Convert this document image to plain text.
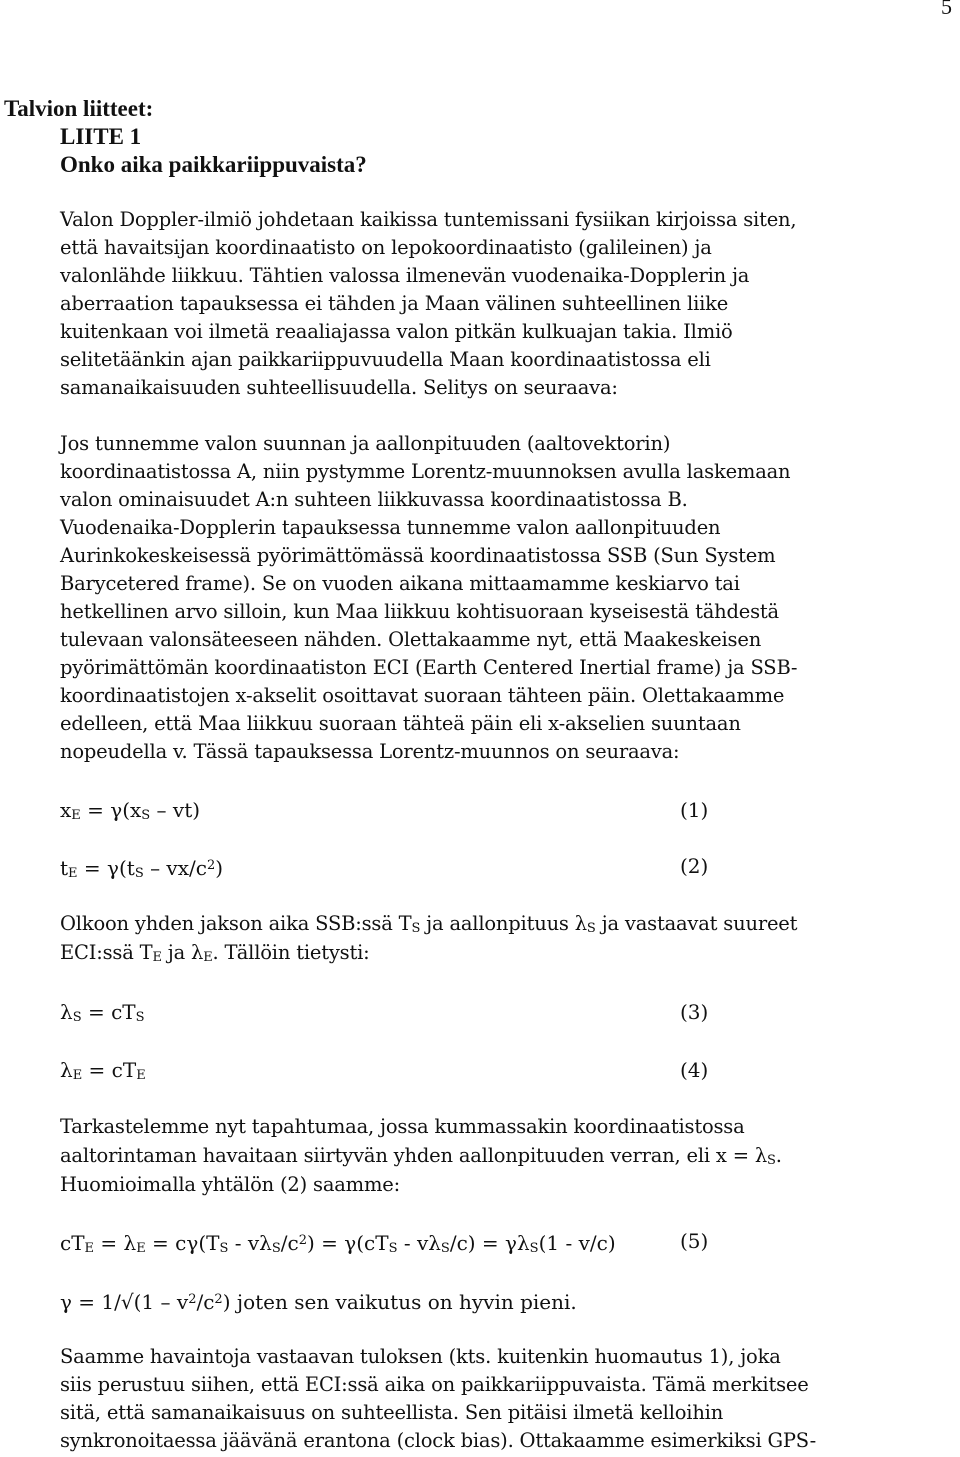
5
Talvion liitteet:
LIITE 1
Onko aika paikkariippuvaista?
Valon Doppler-ilmiö johdetaan kaikissa tuntemissani fysiikan kirjoissa siten,
että havaitsijan koordinaatisto on lepokoordinaatisto (galileinen) ja
valonlähde liikkuu. Tähtien valossa ilmenevän vuodenaika-Dopplerin ja
aberraation tapauksessa ei tähden ja Maan välinen suhteellinen liike
kuitenkaan voi ilmetä reaaliajassa valon pitkän kulkuajan takia. Ilmiö
selitetäänkin ajan paikkariippuvuudella Maan koordinaatistossa eli
samanaikaisuuden suhteellisuudella. Selitys on seuraava:
Jos tunnemme valon suunnan ja aallonpituuden (aaltovektorin)
koordinaatistossa A, niin pystymme Lorentz-muunnoksen avulla laskemaan
valon ominaisuudet A:n suhteen liikkuvassa koordinaatistossa B.
Vuodenaika-Dopplerin tapauksessa tunnemme valon aallonpituuden
Aurinkokeskeisessä pyörimättömässä koordinaatistossa SSB (Sun System
Barycetered frame). Se on vuoden aikana mittaamamme keskiarvo tai
hetkellinen arvo silloin, kun Maa liikkuu kohtisuoraan kyseisestä tähdestä
tulevaan valonsäteeseen nähden. Olettakaamme nyt, että Maakeskeisen
pyörimättömän koordinaatiston ECI (Earth Centered Inertial frame) ja SSB-
koordinaatistojen x-akselit osoittavat suoraan tähteen päin. Olettakaamme
edelleen, että Maa liikkuu suoraan tähteä päin eli x-akselien suuntaan
nopeudella v. Tässä tapauksessa Lorentz-muunnos on seuraava:
$x_E = \gamma(x_S - vt)$	(1)
$t_E = \gamma(t_S - vx/c^2)$	(2)
Olkoon yhden jakson aika SSB:ssä $T_S$ ja aallonpituus $\lambda_S$ ja vastaavat suureet
ECI:ssä $T_E$ ja $\lambda_E$. Tällöin tietysti:
$\lambda_S = cT_S$	(3)
$\lambda_E = cT_E$	(4)
Tarkastelemme nyt tapahtumaa, jossa kummassakin koordinaatistossa
aaltorintaman havaitaan siirtyvän yhden aallonpituuden verran, eli $x = \lambda_S$.
Huomioimalla yhtälön (2) saamme:
$cT_E = \lambda_E = c\gamma(T_S - v\lambda_S/c^2) = \gamma(cT_S - v\lambda_S/c) = \gamma\lambda_S(1 - v/c)$	(5)
$\gamma = 1/√(1 - v^2/c^2)$ joten sen vaikutus on hyvin pieni.
Saamme havaintoja vastaavan tuloksen (kts. kuitenkin huomautus 1), joka
siis perustuu siihen, että ECI:ssä aika on paikkariippuvaista. Tämä merkitsee
sitä, että samanaikaisuus on suhteellista. Sen pitäisi ilmetä kelloihin
synkronoitaessa jäävänä erantona (clock bias). Ottakaamme esimerkiksi GPS-
